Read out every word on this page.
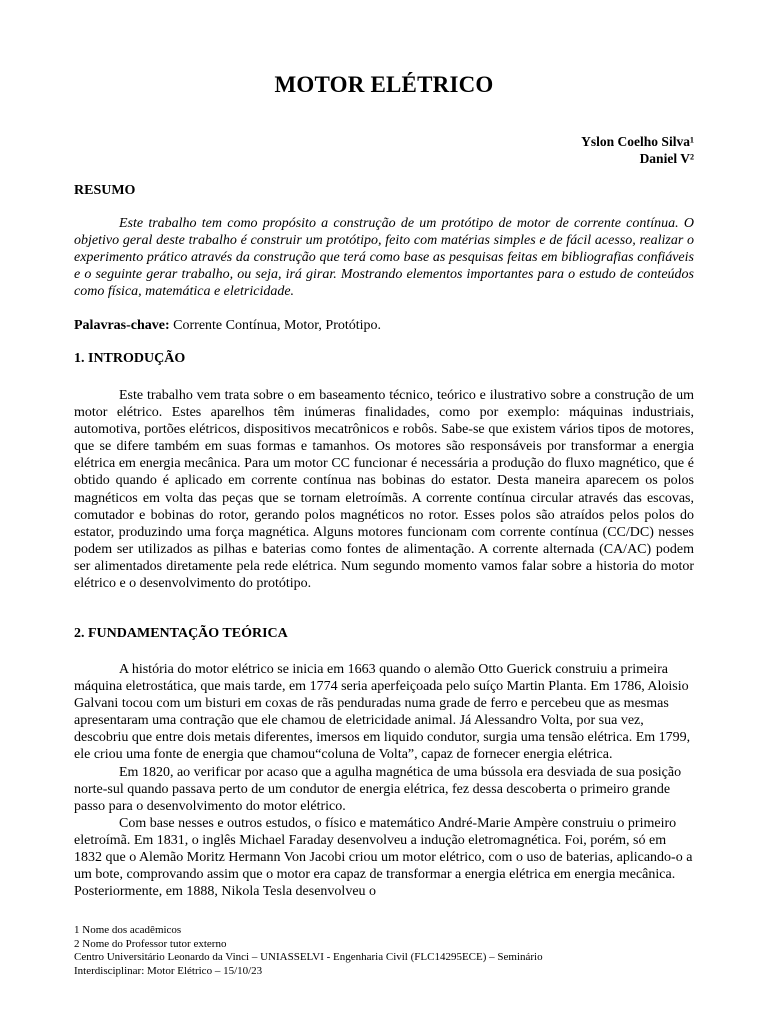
MOTOR ELÉTRICO
Yslon Coelho Silva¹
Daniel V²
RESUMO

Este trabalho tem como propósito a construção de um protótipo de motor de corrente contínua. O objetivo geral deste trabalho é construir um protótipo, feito com matérias simples e de fácil acesso, realizar o experimento prático através da construção que terá como base as pesquisas feitas em bibliografias confiáveis e o seguinte gerar trabalho, ou seja, irá girar. Mostrando elementos importantes para o estudo de conteúdos como física, matemática e eletricidade.

Palavras-chave: Corrente Contínua, Motor, Protótipo.
1. INTRODUÇÃO

Este trabalho vem trata sobre o em baseamento técnico, teórico e ilustrativo sobre a construção de um motor elétrico. Estes aparelhos têm inúmeras finalidades, como por exemplo: máquinas industriais, automotiva, portões elétricos, dispositivos mecatrônicos e robôs. Sabe-se que existem vários tipos de motores, que se difere também em suas formas e tamanhos. Os motores são responsáveis por transformar a energia elétrica em energia mecânica. Para um motor CC funcionar é necessária a produção do fluxo magnético, que é obtido quando é aplicado em corrente contínua nas bobinas do estator. Desta maneira aparecem os polos magnéticos em volta das peças que se tornam eletroímãs. A corrente contínua circular através das escovas, comutador e bobinas do rotor, gerando polos magnéticos no rotor. Esses polos são atraídos pelos polos do estator, produzindo uma força magnética. Alguns motores funcionam com corrente contínua (CC/DC) nesses podem ser utilizados as pilhas e baterias como fontes de alimentação. A corrente alternada (CA/AC) podem ser alimentados diretamente pela rede elétrica. Num segundo momento vamos falar sobre a historia do motor elétrico e o desenvolvimento do protótipo.

2. FUNDAMENTAÇÃO TEÓRICA

A história do motor elétrico se inicia em 1663 quando o alemão Otto Guerick construiu a primeira máquina eletrostática, que mais tarde, em 1774 seria aperfeiçoada pelo suíço Martin Planta. Em 1786, Aloisio Galvani tocou com um bisturi em coxas de rãs penduradas numa grade de ferro e percebeu que as mesmas apresentaram uma contração que ele chamou de eletricidade animal. Já Alessandro Volta, por sua vez, descobriu que entre dois metais diferentes, imersos em liquido condutor, surgia uma tensão elétrica. Em 1799, ele criou uma fonte de energia que chamou“coluna de Volta”, capaz de fornecer energia elétrica.

Em 1820, ao verificar por acaso que a agulha magnética de uma bússola era desviada de sua posição norte-sul quando passava perto de um condutor de energia elétrica, fez dessa descoberta o primeiro grande passo para o desenvolvimento do motor elétrico.

Com base nesses e outros estudos, o físico e matemático André-Marie Ampère construiu o primeiro eletroímã. Em 1831, o inglês Michael Faraday desenvolveu a indução eletromagnética. Foi, porém, só em 1832 que o Alemão Moritz Hermann Von Jacobi criou um motor elétrico, com o uso de baterias, aplicando-o a um bote, comprovando assim que o motor era capaz de transformar a energia elétrica em energia mecânica. Posteriormente, em 1888, Nikola Tesla desenvolveu o

1 Nome dos acadêmicos
2 Nome do Professor tutor externo
Centro Universitário Leonardo da Vinci – UNIASSELVI - Engenharia Civil (FLC14295ECE) – Seminário
Interdisciplinar: Motor Elétrico – 15/10/23
